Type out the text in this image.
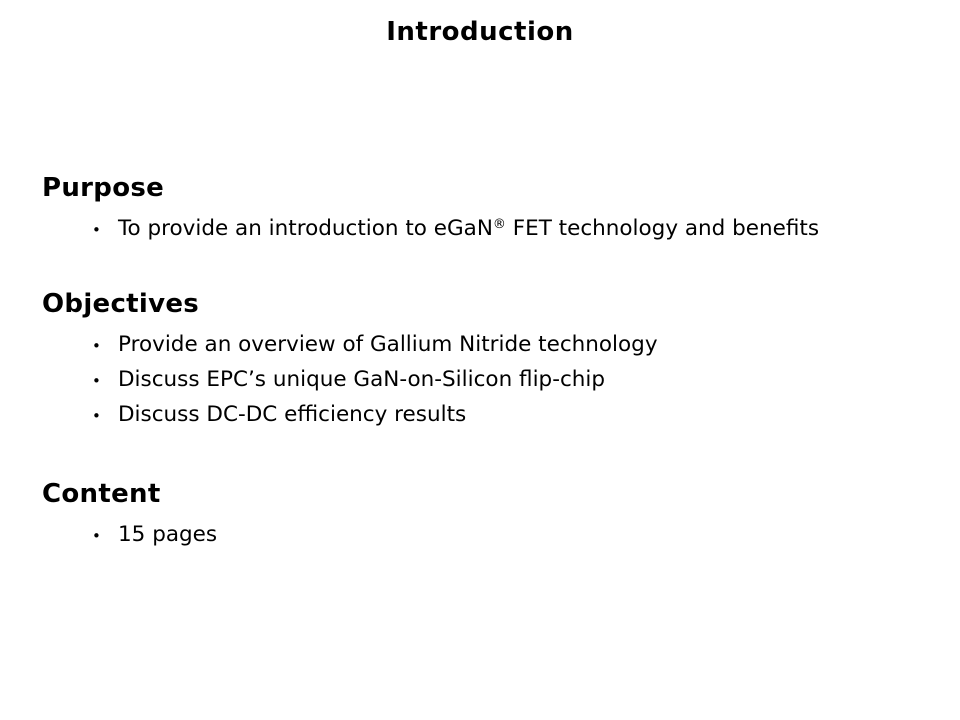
Introduction
Purpose
• To provide an introduction to eGaN® FET technology and benefits
Objectives
• Provide an overview of Gallium Nitride technology
• Discuss EPC’s unique GaN-on-Silicon flip-chip
• Discuss DC-DC efficiency results
Content
• 15 pages
